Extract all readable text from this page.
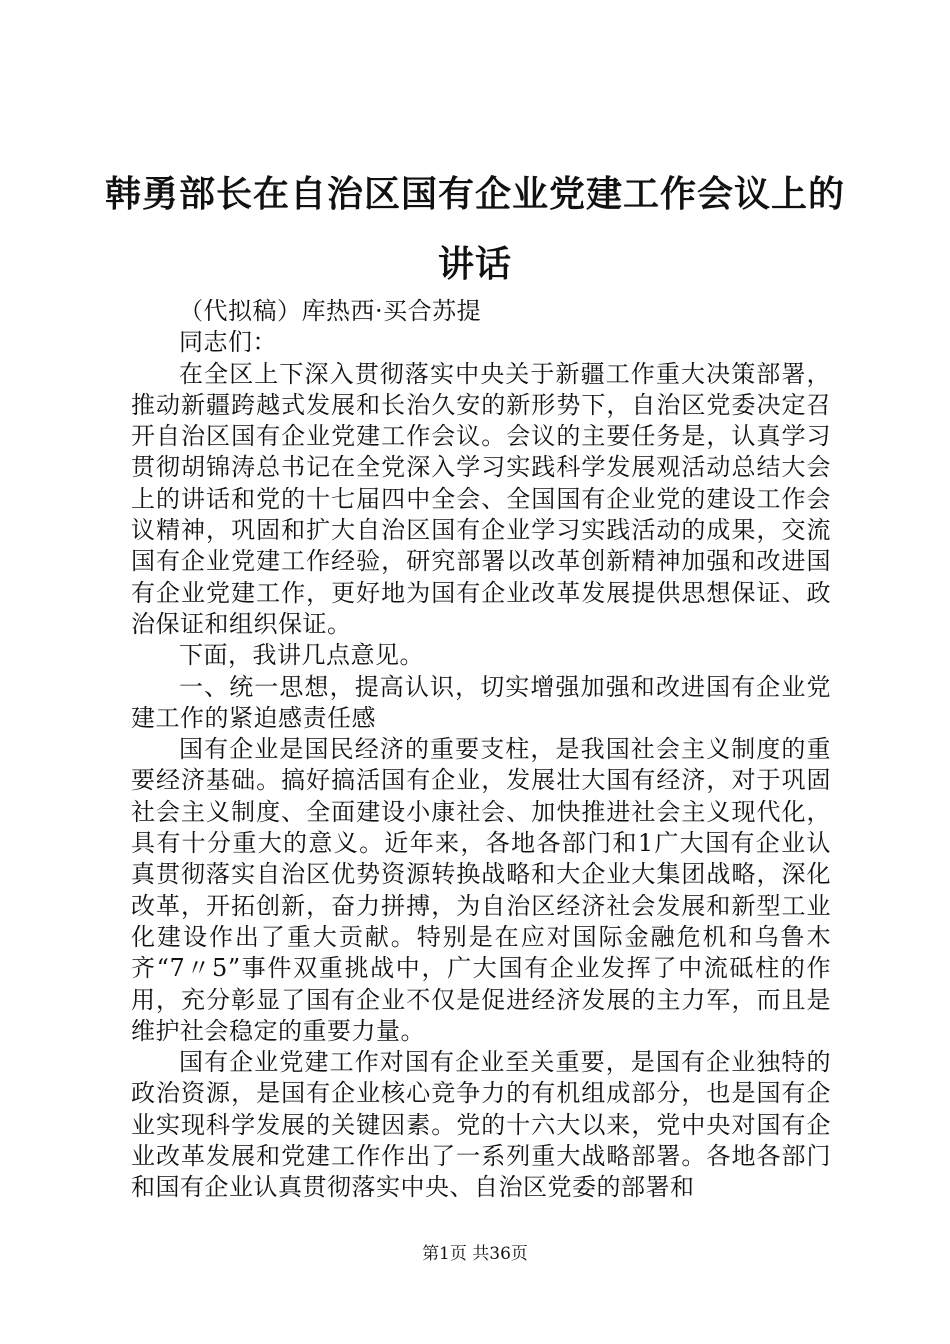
韩勇部长在自治区国有企业党建工作会议上的讲话

（代拟稿）库热西·买合苏提

同志们：

在全区上下深入贯彻落实中央关于新疆工作重大决策部署，推动新疆跨越式发展和长治久安的新形势下，自治区党委决定召开自治区国有企业党建工作会议。会议的主要任务是，认真学习贯彻胡锦涛总书记在全党深入学习实践科学发展观活动总结大会上的讲话和党的十七届四中全会、全国国有企业党的建设工作会议精神，巩固和扩大自治区国有企业学习实践活动的成果，交流国有企业党建工作经验，研究部署以改革创新精神加强和改进国有企业党建工作，更好地为国有企业改革发展提供思想保证、政治保证和组织保证。

下面，我讲几点意见。

一、统一思想，提高认识，切实增强加强和改进国有企业党建工作的紧迫感责任感

国有企业是国民经济的重要支柱，是我国社会主义制度的重要经济基础。搞好搞活国有企业，发展壮大国有经济，对于巩固社会主义制度、全面建设小康社会、加快推进社会主义现代化，具有十分重大的意义。近年来，各地各部门和1广大国有企业认真贯彻落实自治区优势资源转换战略和大企业大集团战略，深化改革，开拓创新，奋力拼搏，为自治区经济社会发展和新型工业化建设作出了重大贡献。特别是在应对国际金融危机和乌鲁木齐“7〃5”事件双重挑战中，广大国有企业发挥了中流砥柱的作用，充分彰显了国有企业不仅是促进经济发展的主力军，而且是维护社会稳定的重要力量。

国有企业党建工作对国有企业至关重要，是国有企业独特的政治资源，是国有企业核心竞争力的有机组成部分，也是国有企业实现科学发展的关键因素。党的十六大以来，党中央对国有企业改革发展和党建工作作出了一系列重大战略部署。各地各部门和国有企业认真贯彻落实中央、自治区党委的部署和

第1页 共36页
